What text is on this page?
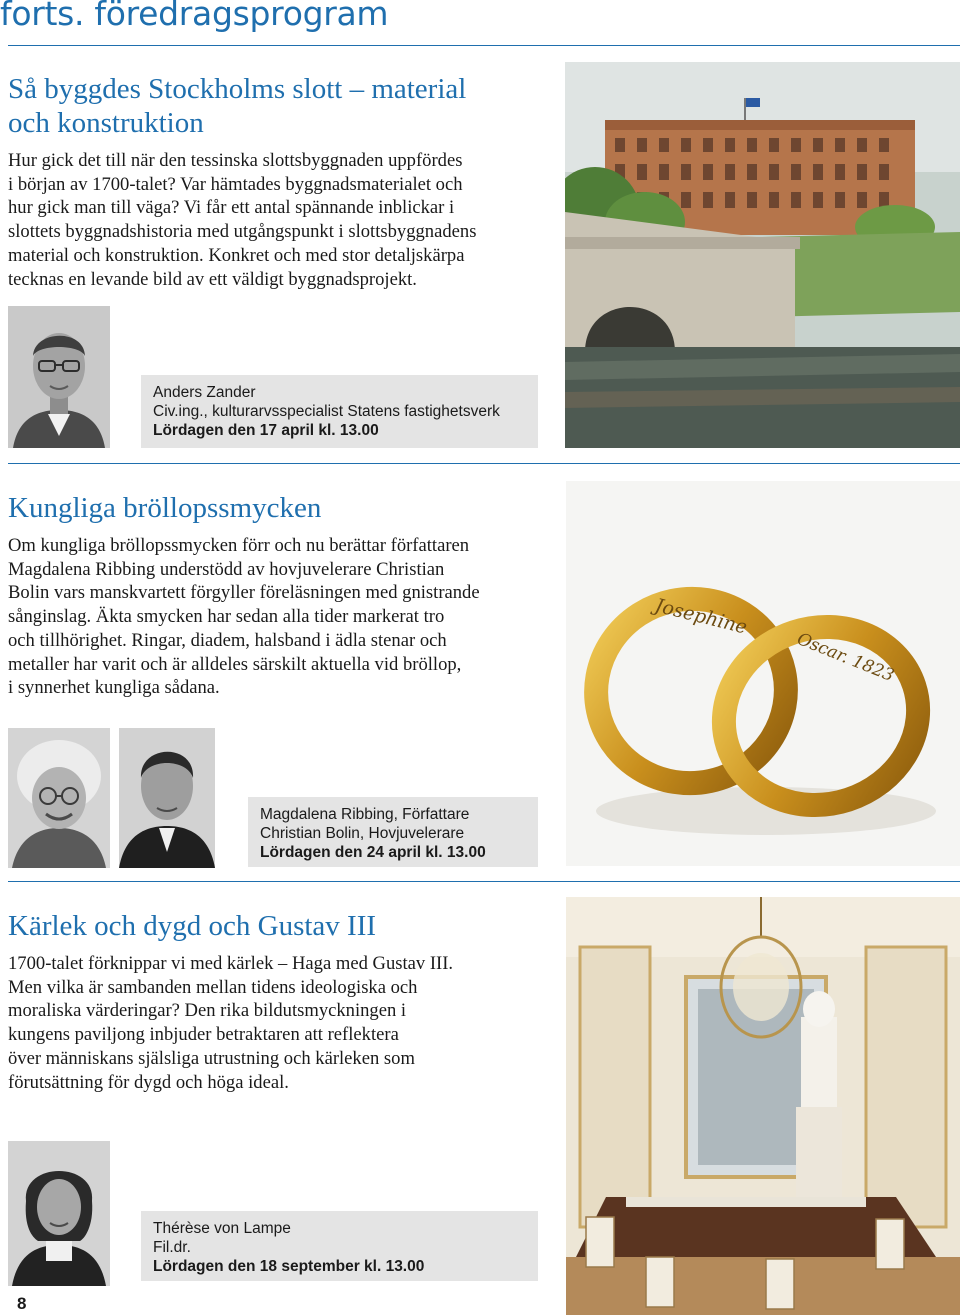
forts. föredragsprogram
Så byggdes Stockholms slott – material
och konstruktion
Hur gick det till när den tessinska slottsbyggnaden uppfördes
i början av 1700-talet? Var hämtades byggnadsmaterialet och
hur gick man till väga? Vi får ett antal spännande inblickar i
slottets byggnadshistoria med utgångspunkt i slottsbyggnadens
material och konstruktion. Konkret och med stor detaljskärpa
tecknas en levande bild av ett väldigt byggnadsprojekt.
Anders Zander
Civ.ing., kulturarvsspecialist Statens fastighetsverk
Lördagen den 17 april kl. 13.00
Kungliga bröllopssmycken
Om kungliga bröllopssmycken förr och nu berättar författaren
Magdalena Ribbing understödd av hovjuvelerare Christian
Bolin vars manskvartett förgyller föreläsningen med gnistrande
sånginslag. Äkta smycken har sedan alla tider markerat tro
och tillhörighet. Ringar, diadem, halsband i ädla stenar och
metaller har varit och är alldeles särskilt aktuella vid bröllop,
i synnerhet kungliga sådana.
Josephine
Oscar. 1823
Magdalena Ribbing, Författare
Christian Bolin, Hovjuvelerare
Lördagen den 24 april kl. 13.00
Kärlek och dygd och Gustav III
1700-talet förknippar vi med kärlek – Haga med Gustav III.
Men vilka är sambanden mellan tidens ideologiska och
moraliska värderingar? Den rika bildutsmyckningen i
kungens paviljong inbjuder betraktaren att reflektera
över människans själsliga utrustning och kärleken som
förutsättning för dygd och höga ideal.
Thérèse von Lampe
Fil.dr.
Lördagen den 18 september kl. 13.00
8
